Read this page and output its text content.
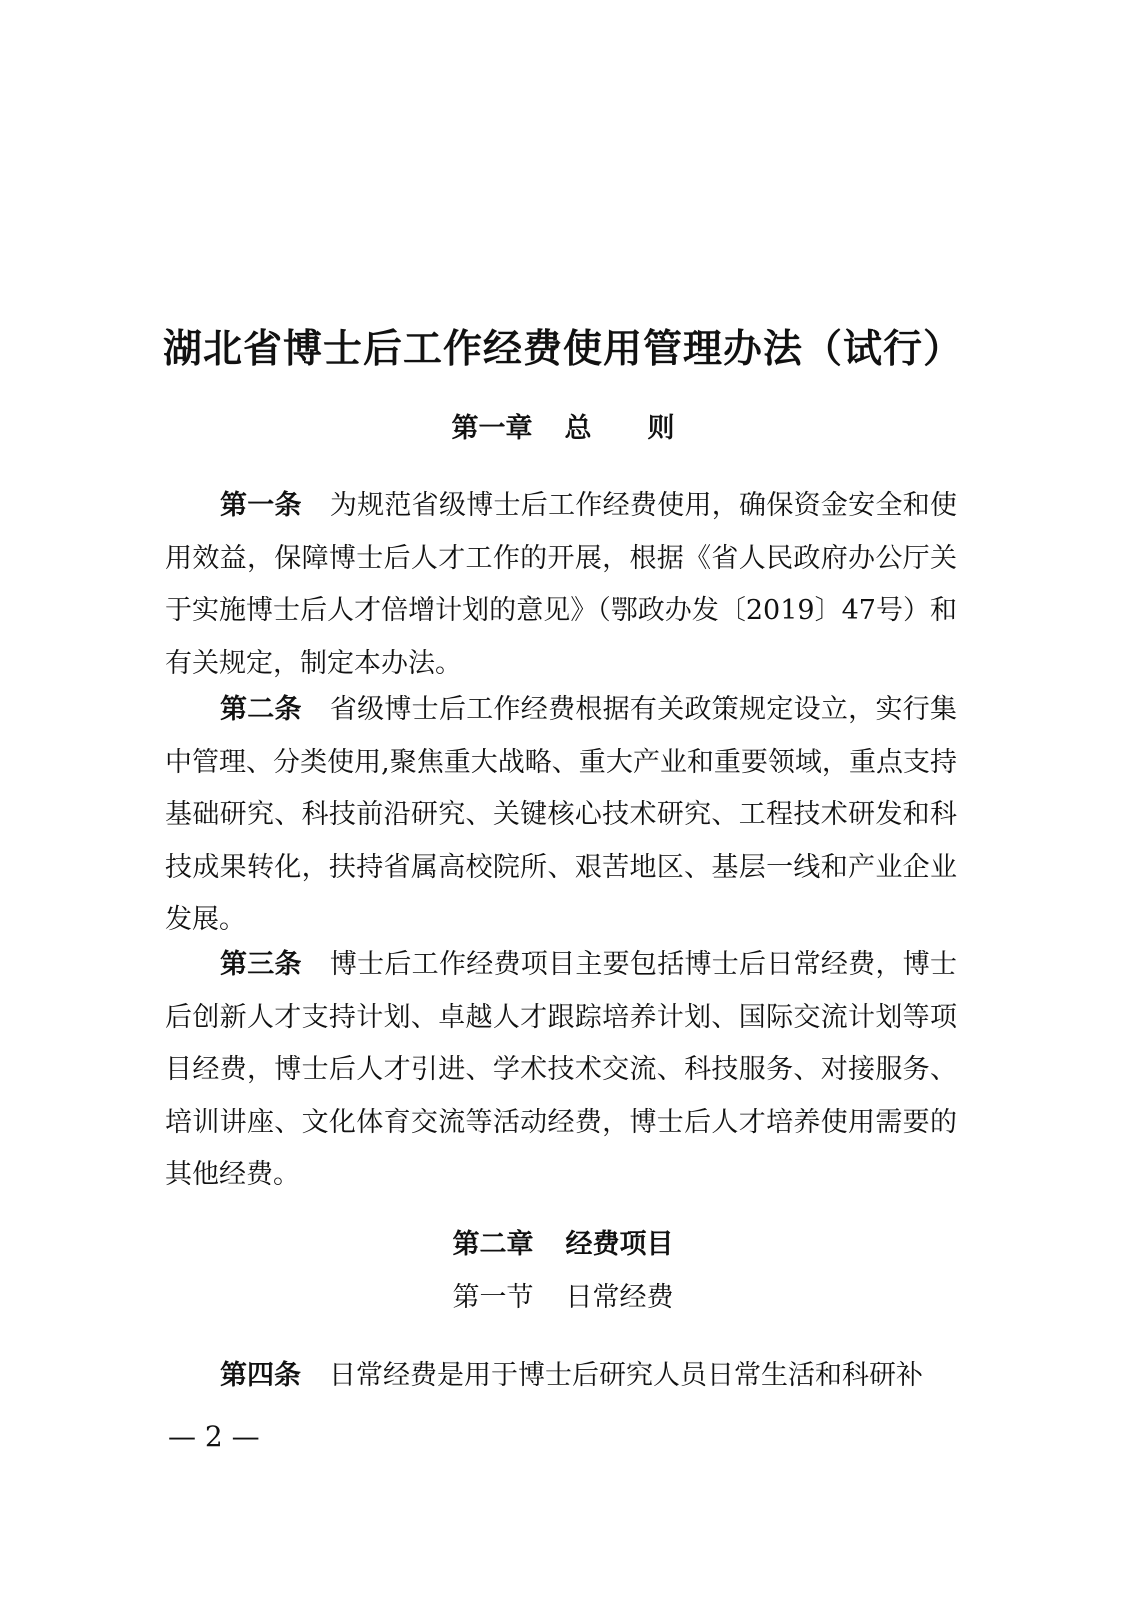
湖北省博士后工作经费使用管理办法（试行）
第一章 总 则
第一条 为规范省级博士后工作经费使用，确保资金安全和使用效益，保障博士后人才工作的开展，根据《省人民政府办公厅关于实施博士后人才倍增计划的意见》（鄂政办发〔2019〕47号）和有关规定，制定本办法。
第二条 省级博士后工作经费根据有关政策规定设立，实行集中管理、分类使用,聚焦重大战略、重大产业和重要领域，重点支持基础研究、科技前沿研究、关键核心技术研究、工程技术研发和科技成果转化，扶持省属高校院所、艰苦地区、基层一线和产业企业发展。
第三条 博士后工作经费项目主要包括博士后日常经费，博士后创新人才支持计划、卓越人才跟踪培养计划、国际交流计划等项目经费，博士后人才引进、学术技术交流、科技服务、对接服务、培训讲座、文化体育交流等活动经费，博士后人才培养使用需要的其他经费。
第二章 经费项目
第一节 日常经费
第四条 日常经费是用于博士后研究人员日常生活和科研补
— 2 —
